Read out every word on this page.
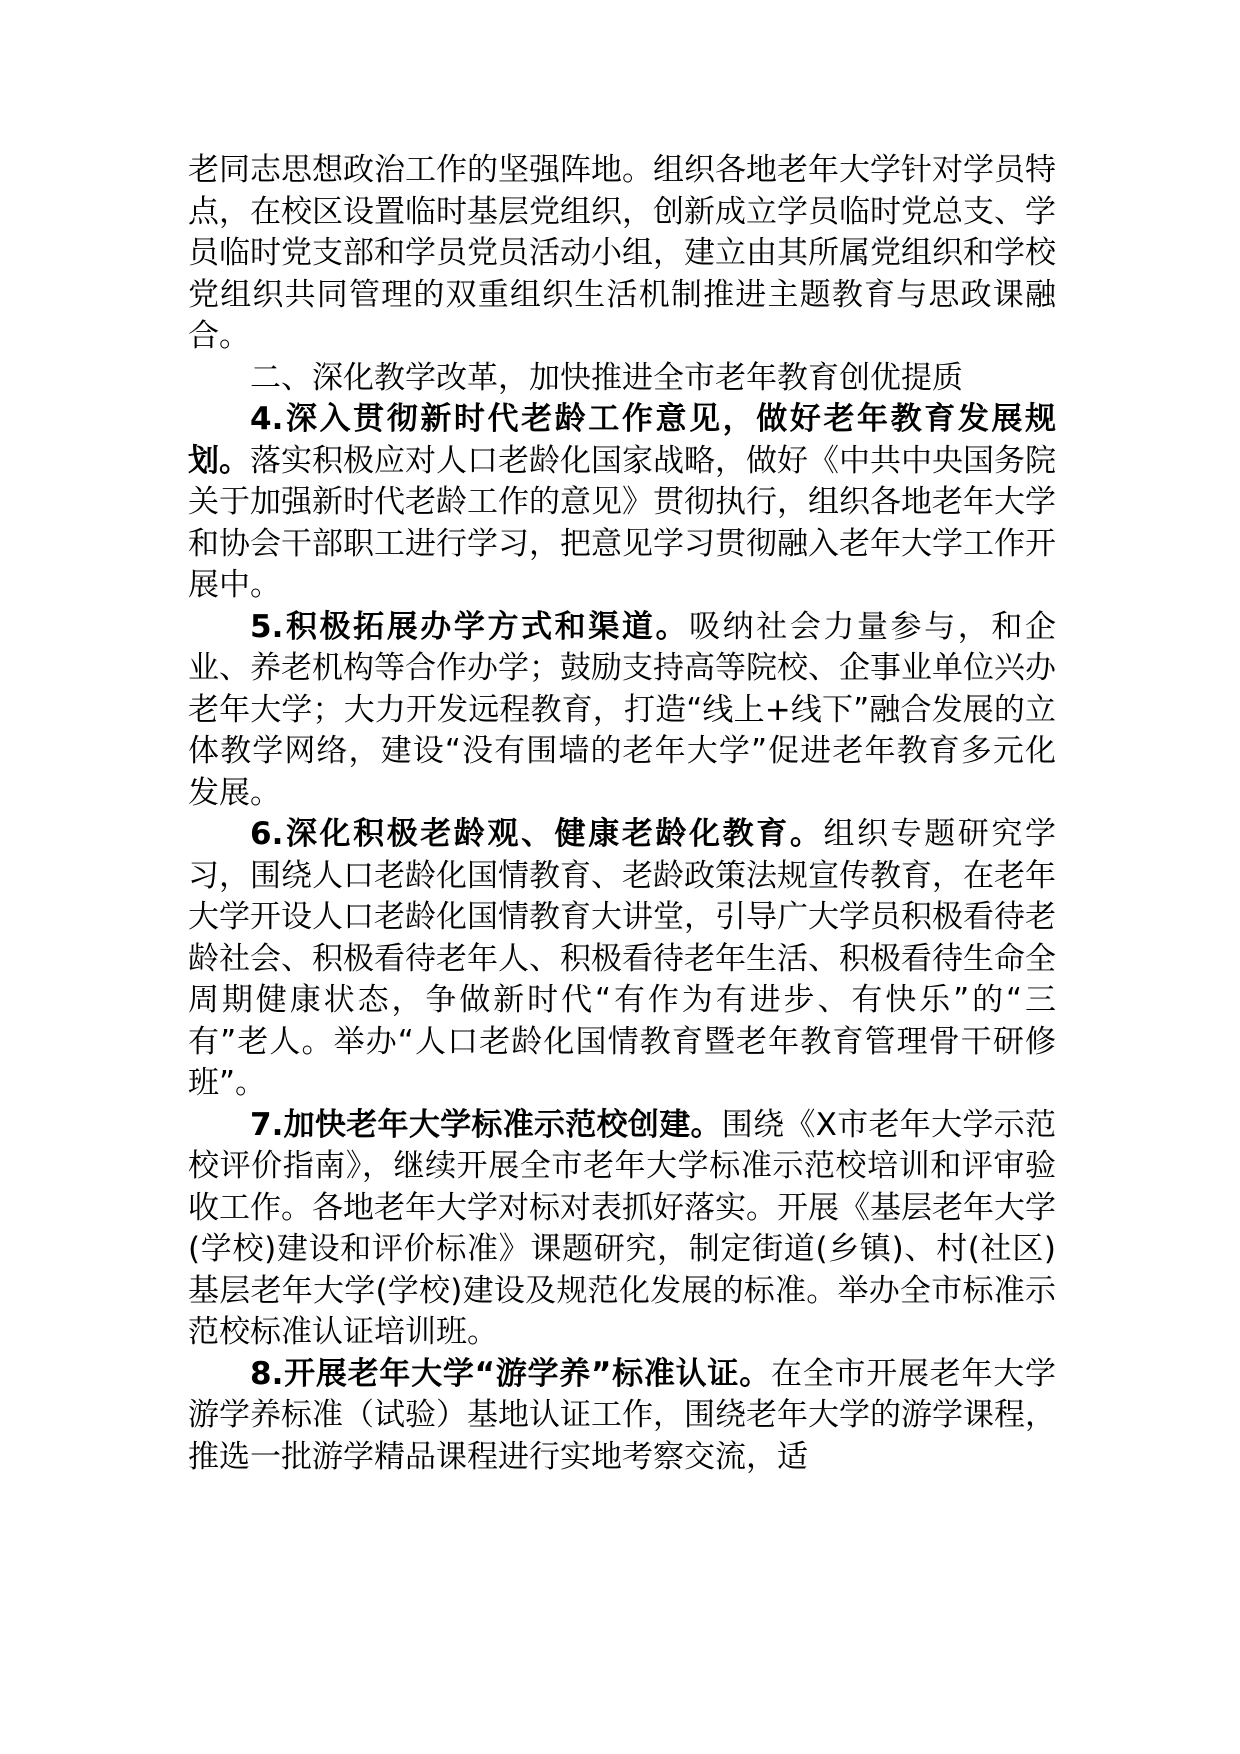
老同志思想政治工作的坚强阵地。组织各地老年大学针对学员特点，在校区设置临时基层党组织，创新成立学员临时党总支、学员临时党支部和学员党员活动小组，建立由其所属党组织和学校党组织共同管理的双重组织生活机制推进主题教育与思政课融合。

二、深化教学改革，加快推进全市老年教育创优提质

4.深入贯彻新时代老龄工作意见，做好老年教育发展规划。落实积极应对人口老龄化国家战略，做好《中共中央国务院关于加强新时代老龄工作的意见》贯彻执行，组织各地老年大学和协会干部职工进行学习，把意见学习贯彻融入老年大学工作开展中。

5.积极拓展办学方式和渠道。吸纳社会力量参与，和企业、养老机构等合作办学；鼓励支持高等院校、企事业单位兴办老年大学；大力开发远程教育，打造“线上+线下”融合发展的立体教学网络，建设“没有围墙的老年大学”促进老年教育多元化发展。

6.深化积极老龄观、健康老龄化教育。组织专题研究学习，围绕人口老龄化国情教育、老龄政策法规宣传教育，在老年大学开设人口老龄化国情教育大讲堂，引导广大学员积极看待老龄社会、积极看待老年人、积极看待老年生活、积极看待生命全周期健康状态，争做新时代“有作为有进步、有快乐”的“三有”老人。举办“人口老龄化国情教育暨老年教育管理骨干研修班”。

7.加快老年大学标准示范校创建。围绕《X市老年大学示范校评价指南》，继续开展全市老年大学标准示范校培训和评审验收工作。各地老年大学对标对表抓好落实。开展《基层老年大学(学校)建设和评价标准》课题研究，制定街道(乡镇)、村(社区)基层老年大学(学校)建设及规范化发展的标准。举办全市标准示范校标准认证培训班。

8.开展老年大学“游学养”标准认证。在全市开展老年大学游学养标准（试验）基地认证工作，围绕老年大学的游学课程，推选一批游学精品课程进行实地考察交流，适
